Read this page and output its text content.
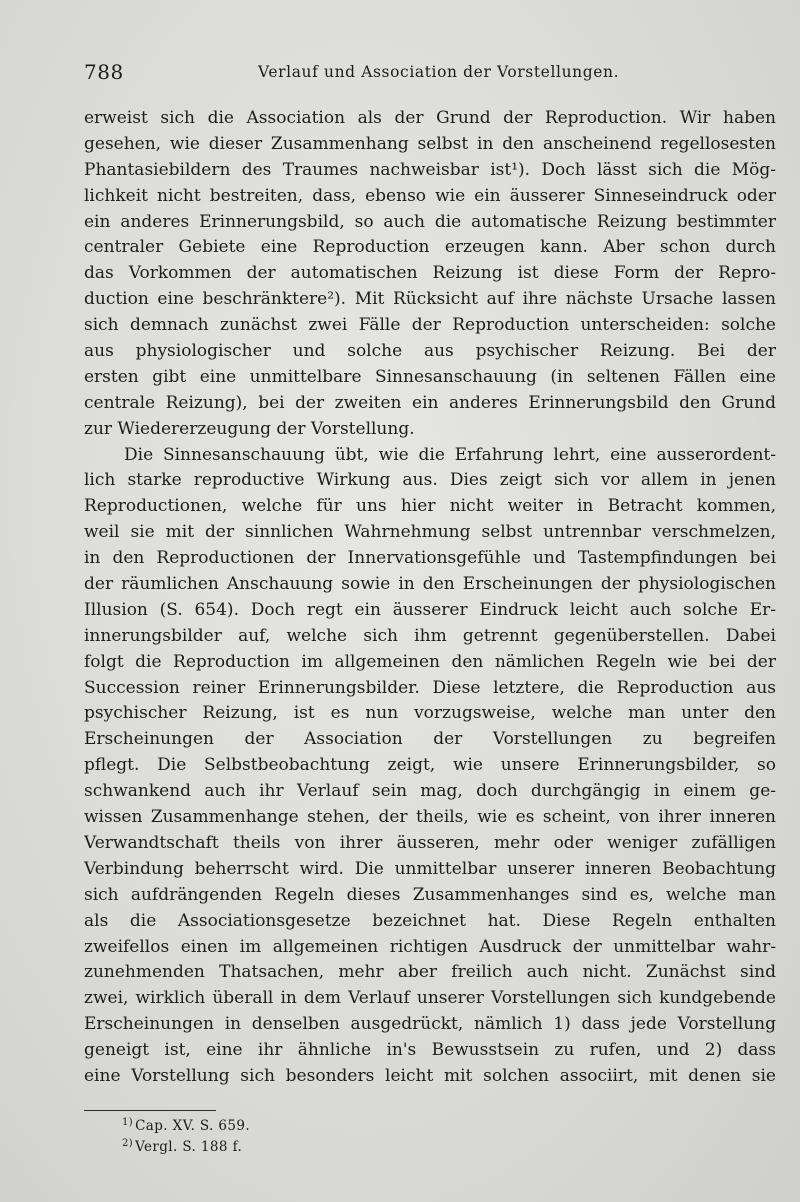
788	Verlauf und Association der Vorstellungen.
erweist sich die Association als der Grund der Reproduction. Wir haben
gesehen, wie dieser Zusammenhang selbst in den anscheinend regellosesten
Phantasiebildern des Traumes nachweisbar ist¹). Doch lässt sich die Mög-
lichkeit nicht bestreiten, dass, ebenso wie ein äusserer Sinneseindruck oder
ein anderes Erinnerungsbild, so auch die automatische Reizung bestimmter
centraler Gebiete eine Reproduction erzeugen kann. Aber schon durch
das Vorkommen der automatischen Reizung ist diese Form der Repro-
duction eine beschränktere²). Mit Rücksicht auf ihre nächste Ursache lassen
sich demnach zunächst zwei Fälle der Reproduction unterscheiden: solche
aus physiologischer und solche aus psychischer Reizung. Bei der
ersten gibt eine unmittelbare Sinnesanschauung (in seltenen Fällen eine
centrale Reizung), bei der zweiten ein anderes Erinnerungsbild den Grund
zur Wiedererzeugung der Vorstellung.
Die Sinnesanschauung übt, wie die Erfahrung lehrt, eine ausserordent-
lich starke reproductive Wirkung aus. Dies zeigt sich vor allem in jenen
Reproductionen, welche für uns hier nicht weiter in Betracht kommen,
weil sie mit der sinnlichen Wahrnehmung selbst untrennbar verschmelzen,
in den Reproductionen der Innervationsgefühle und Tastempfindungen bei
der räumlichen Anschauung sowie in den Erscheinungen der physiologischen
Illusion (S. 654). Doch regt ein äusserer Eindruck leicht auch solche Er-
innerungsbilder auf, welche sich ihm getrennt gegenüberstellen. Dabei
folgt die Reproduction im allgemeinen den nämlichen Regeln wie bei der
Succession reiner Erinnerungsbilder. Diese letztere, die Reproduction aus
psychischer Reizung, ist es nun vorzugsweise, welche man unter den
Erscheinungen der Association der Vorstellungen zu begreifen
pflegt. Die Selbstbeobachtung zeigt, wie unsere Erinnerungsbilder, so
schwankend auch ihr Verlauf sein mag, doch durchgängig in einem ge-
wissen Zusammenhange stehen, der theils, wie es scheint, von ihrer inneren
Verwandtschaft theils von ihrer äusseren, mehr oder weniger zufälligen
Verbindung beherrscht wird. Die unmittelbar unserer inneren Beobachtung
sich aufdrängenden Regeln dieses Zusammenhanges sind es, welche man
als die Associationsgesetze bezeichnet hat. Diese Regeln enthalten
zweifellos einen im allgemeinen richtigen Ausdruck der unmittelbar wahr-
zunehmenden Thatsachen, mehr aber freilich auch nicht. Zunächst sind
zwei, wirklich überall in dem Verlauf unserer Vorstellungen sich kundgebende
Erscheinungen in denselben ausgedrückt, nämlich 1) dass jede Vorstellung
geneigt ist, eine ihr ähnliche in's Bewusstsein zu rufen, und 2) dass
eine Vorstellung sich besonders leicht mit solchen associirt, mit denen sie
$^{1)}$ Cap. XV. S. 659.
$^{2)}$ Vergl. S. 188 f.
